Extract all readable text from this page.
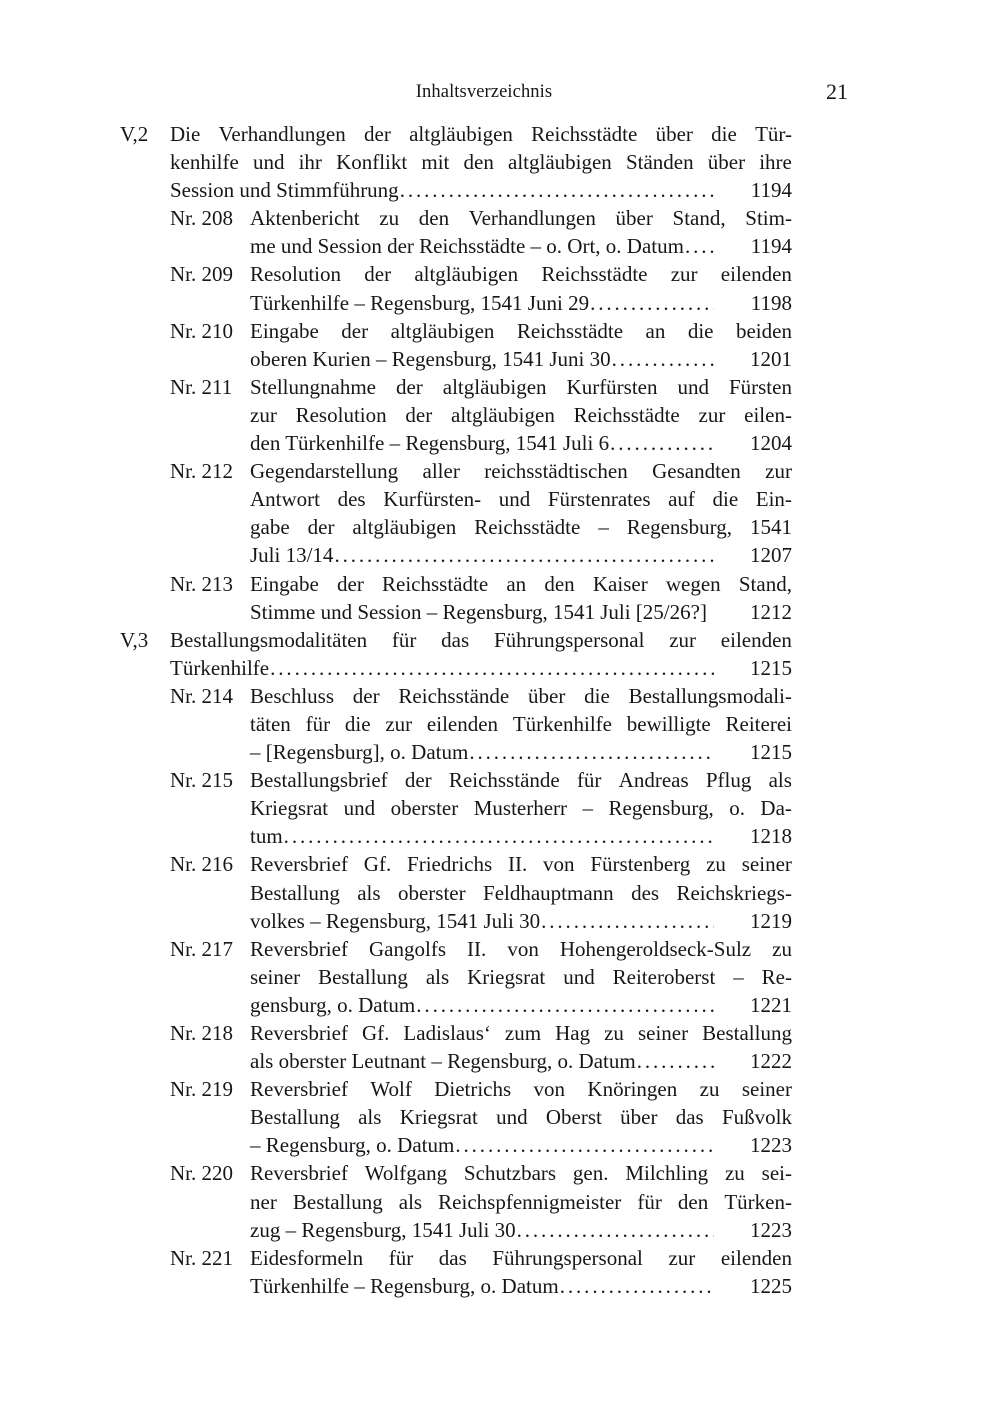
Inhaltsverzeichnis	21
V,2 Die Verhandlungen der altgläubigen Reichsstädte über die Tür-
kenhilfe und ihr Konflikt mit den altgläubigen Ständen über ihre
Session und Stimmführung .....	1194
Nr. 208 Aktenbericht zu den Verhandlungen über Stand, Stim-
me und Session der Reichsstädte – o. Ort, o. Datum .....	1194
Nr. 209 Resolution der altgläubigen Reichsstädte zur eilenden
Türkenhilfe – Regensburg, 1541 Juni 29 .....	1198
Nr. 210 Eingabe der altgläubigen Reichsstädte an die beiden
oberen Kurien – Regensburg, 1541 Juni 30 .....	1201
Nr. 211 Stellungnahme der altgläubigen Kurfürsten und Fürsten
zur Resolution der altgläubigen Reichsstädte zur eilen-
den Türkenhilfe – Regensburg, 1541 Juli 6 .....	1204
Nr. 212 Gegendarstellung aller reichsstädtischen Gesandten zur
Antwort des Kurfürsten- und Fürstenrates auf die Ein-
gabe der altgläubigen Reichsstädte – Regensburg, 1541
Juli 13/14 .....	1207
Nr. 213 Eingabe der Reichsstädte an den Kaiser wegen Stand,
Stimme und Session – Regensburg, 1541 Juli [25/26?]	1212
V,3 Bestallungsmodalitäten für das Führungspersonal zur eilenden
Türkenhilfe .....	1215
Nr. 214 Beschluss der Reichsstände über die Bestallungsmodali-
täten für die zur eilenden Türkenhilfe bewilligte Reiterei
– [Regensburg], o. Datum .....	1215
Nr. 215 Bestallungsbrief der Reichsstände für Andreas Pflug als
Kriegsrat und oberster Musterherr – Regensburg, o. Da-
tum .....	1218
Nr. 216 Reversbrief Gf. Friedrichs II. von Fürstenberg zu seiner
Bestallung als oberster Feldhauptmann des Reichskriegs-
volkes – Regensburg, 1541 Juli 30 .....	1219
Nr. 217 Reversbrief Gangolfs II. von Hohengeroldseck-Sulz zu
seiner Bestallung als Kriegsrat und Reiteroberst – Re-
gensburg, o. Datum .....	1221
Nr. 218 Reversbrief Gf. Ladislaus‘ zum Hag zu seiner Bestallung
als oberster Leutnant – Regensburg, o. Datum .....	1222
Nr. 219 Reversbrief Wolf Dietrichs von Knöringen zu seiner
Bestallung als Kriegsrat und Oberst über das Fußvolk
– Regensburg, o. Datum .....	1223
Nr. 220 Reversbrief Wolfgang Schutzbars gen. Milchling zu sei-
ner Bestallung als Reichspfennigmeister für den Türken-
zug – Regensburg, 1541 Juli 30 .....	1223
Nr. 221 Eidesformeln für das Führungspersonal zur eilenden
Türkenhilfe – Regensburg, o. Datum .....	1225
